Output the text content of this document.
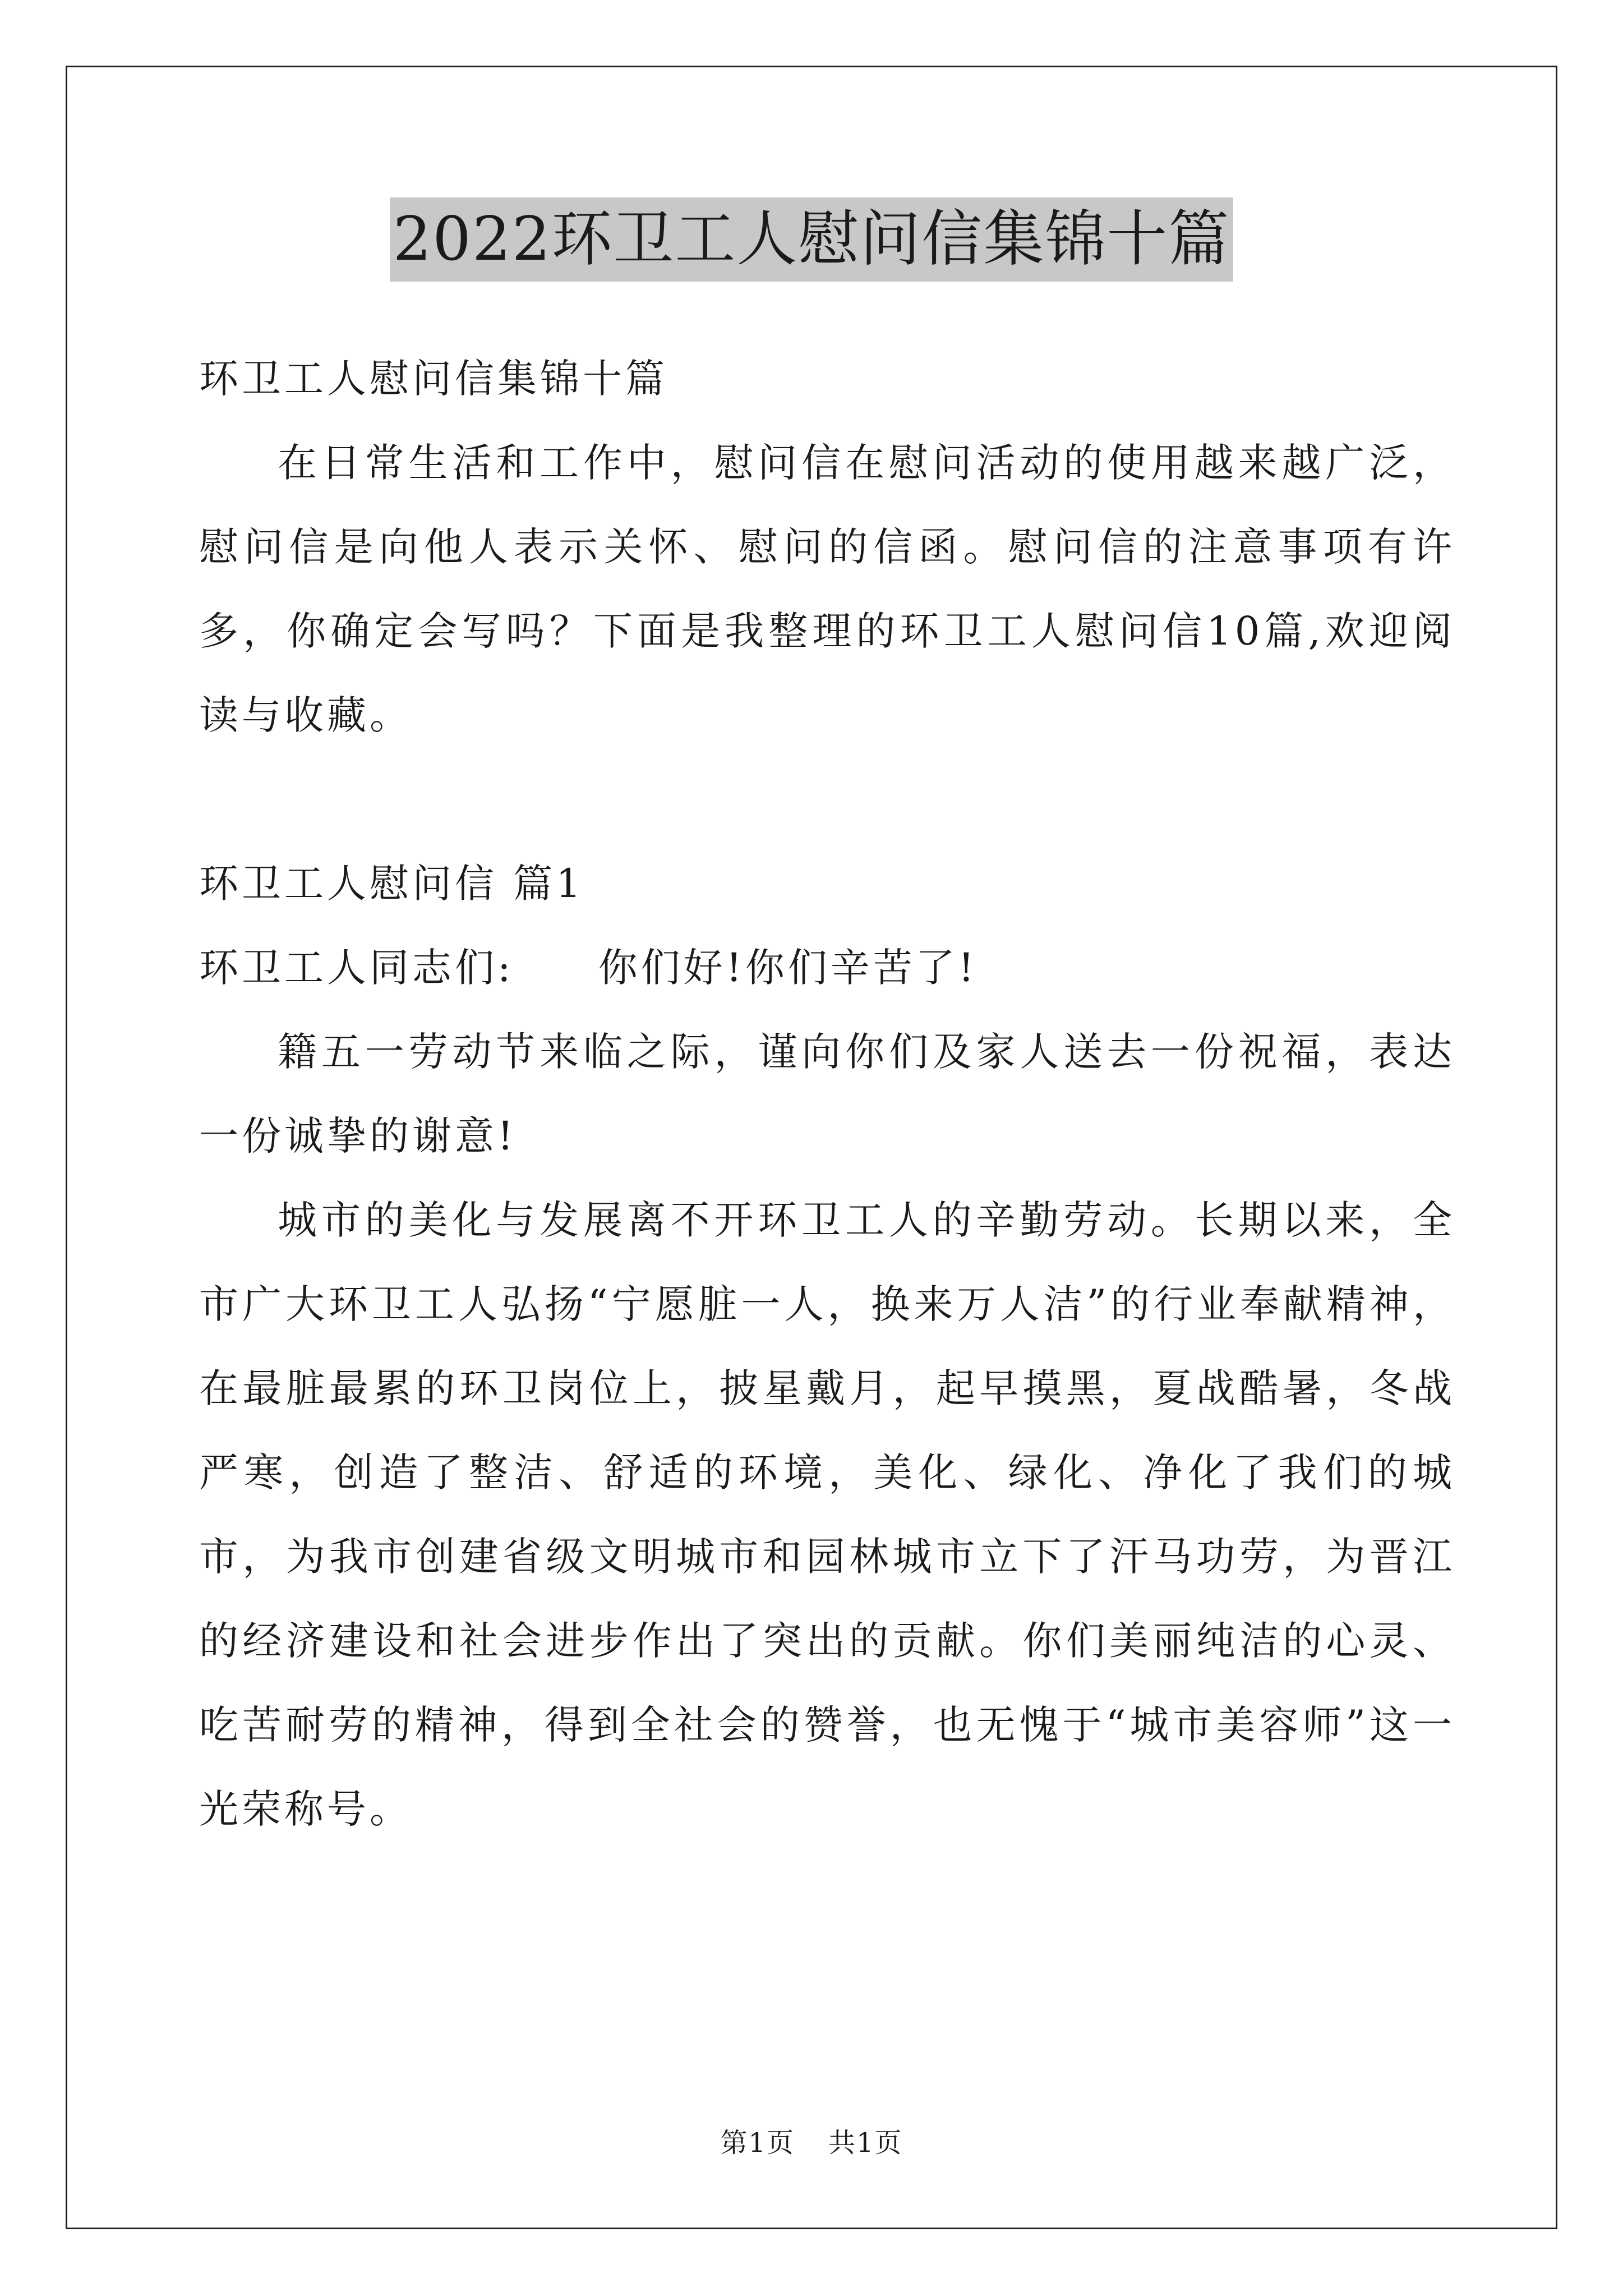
2022环卫工人慰问信集锦十篇

环卫工人慰问信集锦十篇

在日常生活和工作中，慰问信在慰问活动的使用越来越广泛，慰问信是向他人表示关怀、慰问的信函。慰问信的注意事项有许多，你确定会写吗？下面是我整理的环卫工人慰问信10篇,欢迎阅读与收藏。

环卫工人慰问信 篇1

环卫工人同志们: 你们好!你们辛苦了!

籍五一劳动节来临之际，谨向你们及家人送去一份祝福，表达一份诚挚的谢意!

城市的美化与发展离不开环卫工人的辛勤劳动。长期以来，全市广大环卫工人弘扬“宁愿脏一人，换来万人洁”的行业奉献精神，在最脏最累的环卫岗位上，披星戴月，起早摸黑，夏战酷暑，冬战严寒，创造了整洁、舒适的环境，美化、绿化、净化了我们的城市，为我市创建省级文明城市和园林城市立下了汗马功劳，为晋江的经济建设和社会进步作出了突出的贡献。你们美丽纯洁的心灵、吃苦耐劳的精神，得到全社会的赞誉，也无愧于“城市美容师”这一光荣称号。

第1页 共1页
